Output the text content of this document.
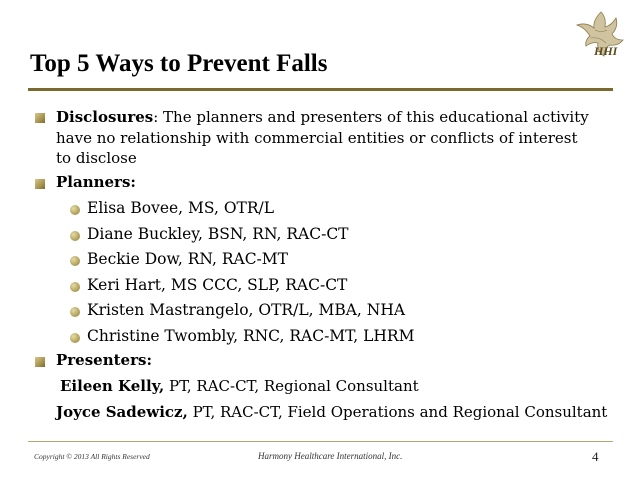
HHI
Top 5 Ways to Prevent Falls
Disclosures: The planners and presenters of this educational activity
have no relationship with commercial entities or conflicts of interest
to disclose
Planners:
Elisa Bovee, MS, OTR/L
Diane Buckley, BSN, RN, RAC-CT
Beckie Dow, RN, RAC-MT
Keri Hart, MS CCC, SLP, RAC-CT
Kristen Mastrangelo, OTR/L, MBA, NHA
Christine Twombly, RNC, RAC-MT, LHRM
Presenters:
Eileen Kelly, PT, RAC-CT, Regional Consultant
Joyce Sadewicz, PT, RAC-CT, Field Operations and Regional Consultant
Copyright © 2013 All Rights Reserved	Harmony Healthcare International, Inc.	4
